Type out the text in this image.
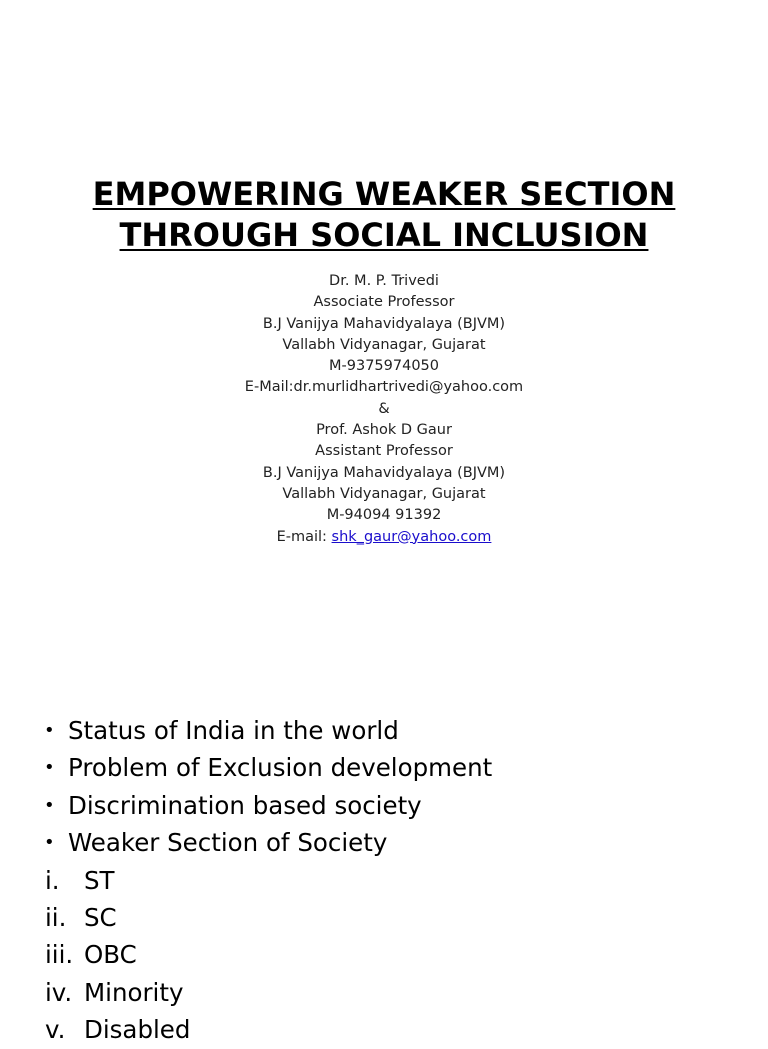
EMPOWERING WEAKER SECTION
THROUGH SOCIAL INCLUSION
Dr. M. P. Trivedi
Associate Professor
B.J Vanijya Mahavidyalaya (BJVM)
Vallabh Vidyanagar, Gujarat
M-9375974050
E-Mail:dr.murlidhartrivedi@yahoo.com
&
Prof. Ashok D Gaur
Assistant Professor
B.J Vanijya Mahavidyalaya (BJVM)
Vallabh Vidyanagar, Gujarat
M-94094 91392
E-mail: shk_gaur@yahoo.com
• Status of India in the world
• Problem of Exclusion development
• Discrimination based society
• Weaker Section of Society
i. ST
ii. SC
iii. OBC
iv. Minority
v. Disabled
